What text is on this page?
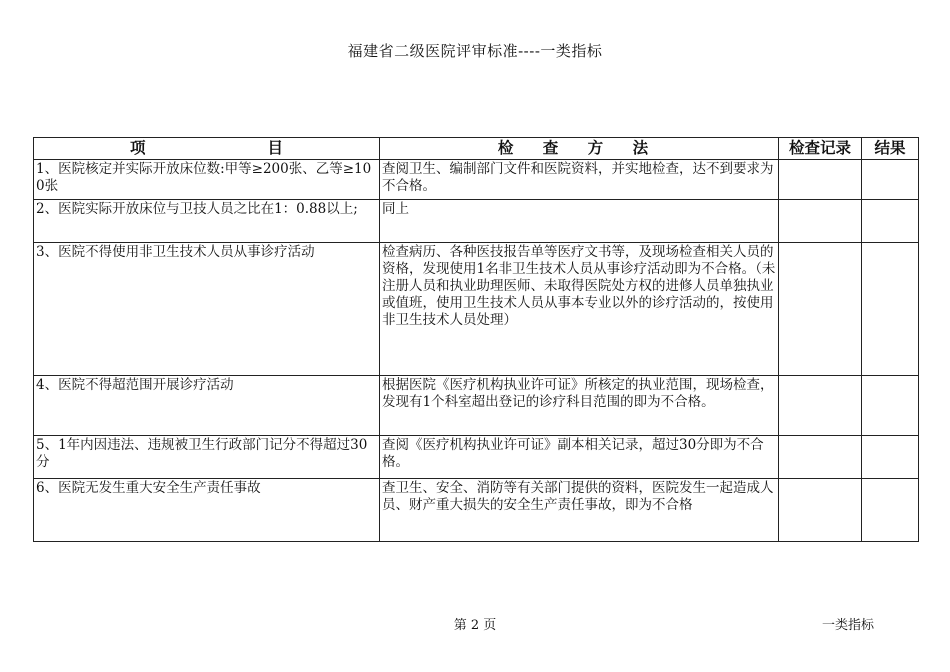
福建省二级医院评审标准----一类指标
项 目	检 查 方 法	检查记录	结果
1、医院核定并实际开放床位数:甲等≥200张、乙等≥100张	查阅卫生、编制部门文件和医院资料，并实地检查，达不到要求为不合格。		
2、医院实际开放床位与卫技人员之比在1：0.88以上;	同上		
3、医院不得使用非卫生技术人员从事诊疗活动	检查病历、各种医技报告单等医疗文书等，及现场检查相关人员的资格，发现使用1名非卫生技术人员从事诊疗活动即为不合格。（未注册人员和执业助理医师、未取得医院处方权的进修人员单独执业或值班，使用卫生技术人员从事本专业以外的诊疗活动的，按使用非卫生技术人员处理）		
4、医院不得超范围开展诊疗活动	根据医院《医疗机构执业许可证》所核定的执业范围，现场检查，发现有1个科室超出登记的诊疗科目范围的即为不合格。		
5、1年内因违法、违规被卫生行政部门记分不得超过30分	查阅《医疗机构执业许可证》副本相关记录，超过30分即为不合格。		
6、医院无发生重大安全生产责任事故	查卫生、安全、消防等有关部门提供的资料，医院发生一起造成人员、财产重大损失的安全生产责任事故，即为不合格		
第 2 页	一类指标
